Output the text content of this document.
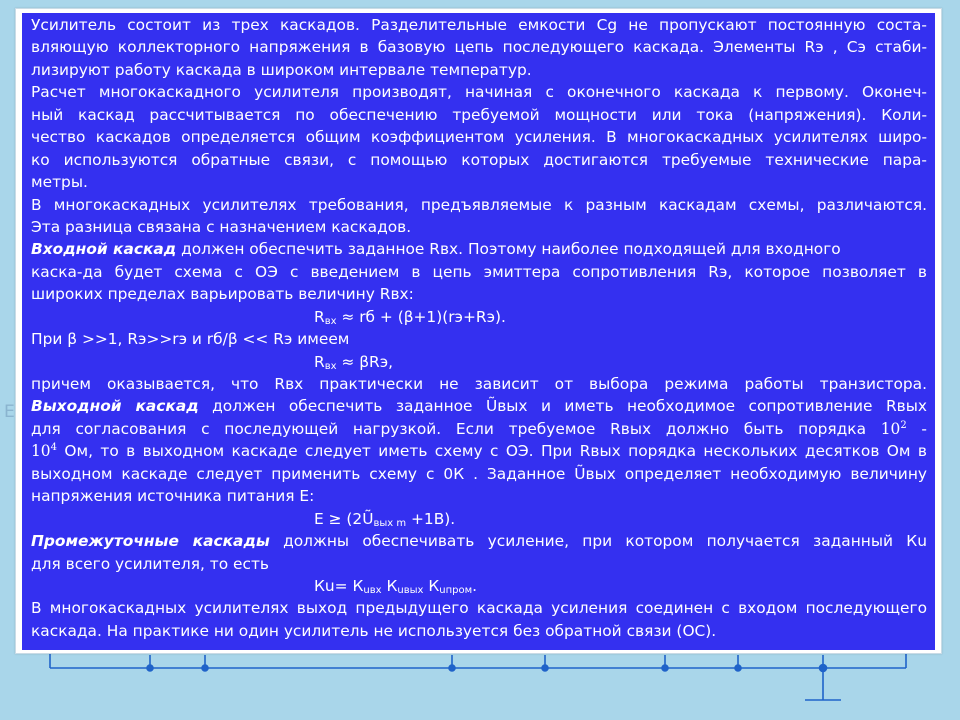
E
Усилитель состоит из трех каскадов. Разделительные емкости Cg не пропускают постоянную соста-
вляющую коллекторного напряжения в базовую цепь последующего каскада. Элементы Rэ , Сэ стаби-
лизируют работу каскада в широком интервале температур.
Расчет многокаскадного усилителя производят, начиная с оконечного каскада к первому. Оконеч-
ный каскад рассчитывается по обеспечению требуемой мощности или тока (напряжения). Коли-
чество каскадов определяется общим коэффициентом усиления. В многокаскадных усилителях широ-
ко используются обратные связи, с помощью которых достигаются требуемые технические пара-
метры.
В многокаскадных усилителях требования, предъявляемые к разным каскадам схемы, различаются.
Эта разница связана с назначением каскадов.
Входной каскад должен обеспечить заданное Rвх. Поэтому наиболее подходящей для входного
каска-да будет схема с ОЭ с введением в цепь эмиттера сопротивления Rэ, которое позволяет в
широких пределах варьировать величину Rвх:
$R_{вх}$ ≈ rб + (β+1)(rэ+Rэ).
При β >>1, Rэ>>rэ и rб/β << Rэ имеем
$R_{вх} \approx \beta Rэ$,
причем оказывается, что Rвх практически не зависит от выбора режима работы транзистора.
Выходной каскад должен обеспечить заданное Ũвых и иметь необходимое сопротивление Rвых
для согласования с последующей нагрузкой. Если требуемое Rвых должно быть порядка $10^2$ -
$10^4$ Ом, то в выходном каскаде следует иметь схему с ОЭ. При Rвых порядка нескольких десятков Ом в
выходном каскаде следует применить схему с 0К . Заданное Ũвых определяет необходимую величину
напряжения источника питания Е:
$Е \ge (2Ũ_{вых m} +1В)$.
Промежуточные каскады должны обеспечивать усиление, при котором получается заданный Кu
для всего усилителя, то есть
$Кu= К_{uвх}$ $К_{uвых}$ $К_{uпром}$.
В многокаскадных усилителях выход предыдущего каскада усиления соединен с входом последующего
каскада. На практике ни один усилитель не используется без обратной связи (ОС).
